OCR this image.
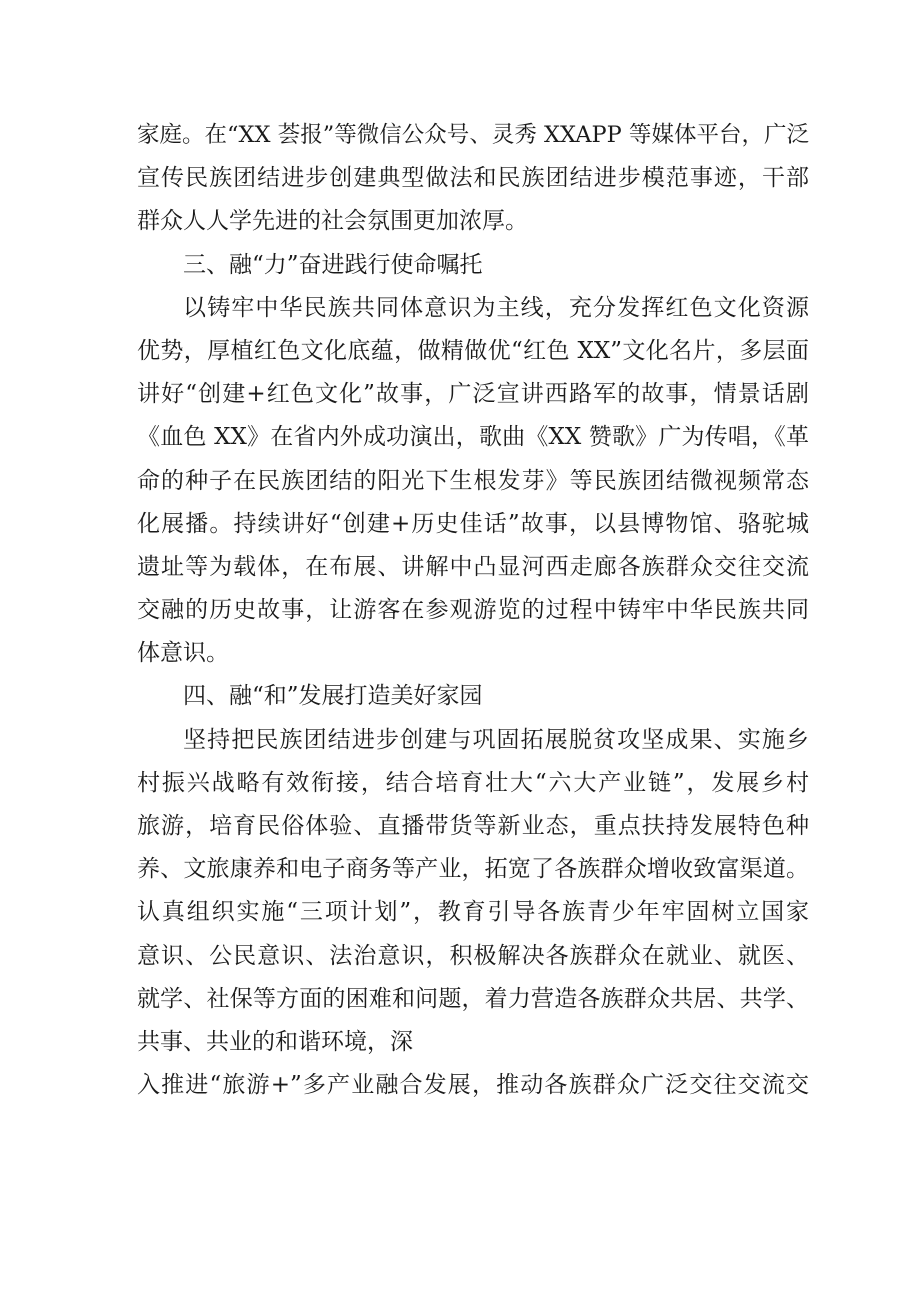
家庭。在“XX 荟报”等微信公众号、灵秀 XXAPP 等媒体平台，广泛
宣传民族团结进步创建典型做法和民族团结进步模范事迹，干部
群众人人学先进的社会氛围更加浓厚。
三、融“力”奋进践行使命嘱托
以铸牢中华民族共同体意识为主线，充分发挥红色文化资源
优势，厚植红色文化底蕴，做精做优“红色 XX”文化名片，多层面
讲好“创建+红色文化”故事，广泛宣讲西路军的故事，情景话剧
《血色 XX》在省内外成功演出，歌曲《XX 赞歌》广为传唱，《革
命的种子在民族团结的阳光下生根发芽》等民族团结微视频常态
化展播。持续讲好“创建+历史佳话”故事，以县博物馆、骆驼城
遗址等为载体，在布展、讲解中凸显河西走廊各族群众交往交流
交融的历史故事，让游客在参观游览的过程中铸牢中华民族共同
体意识。
四、融“和”发展打造美好家园
坚持把民族团结进步创建与巩固拓展脱贫攻坚成果、实施乡
村振兴战略有效衔接，结合培育壮大“六大产业链”，发展乡村
旅游，培育民俗体验、直播带货等新业态，重点扶持发展特色种
养、文旅康养和电子商务等产业，拓宽了各族群众增收致富渠道。
认真组织实施“三项计划”，教育引导各族青少年牢固树立国家
意识、公民意识、法治意识，积极解决各族群众在就业、就医、
就学、社保等方面的困难和问题，着力营造各族群众共居、共学、
共事、共业的和谐环境，深
入推进“旅游+”多产业融合发展，推动各族群众广泛交往交流交
